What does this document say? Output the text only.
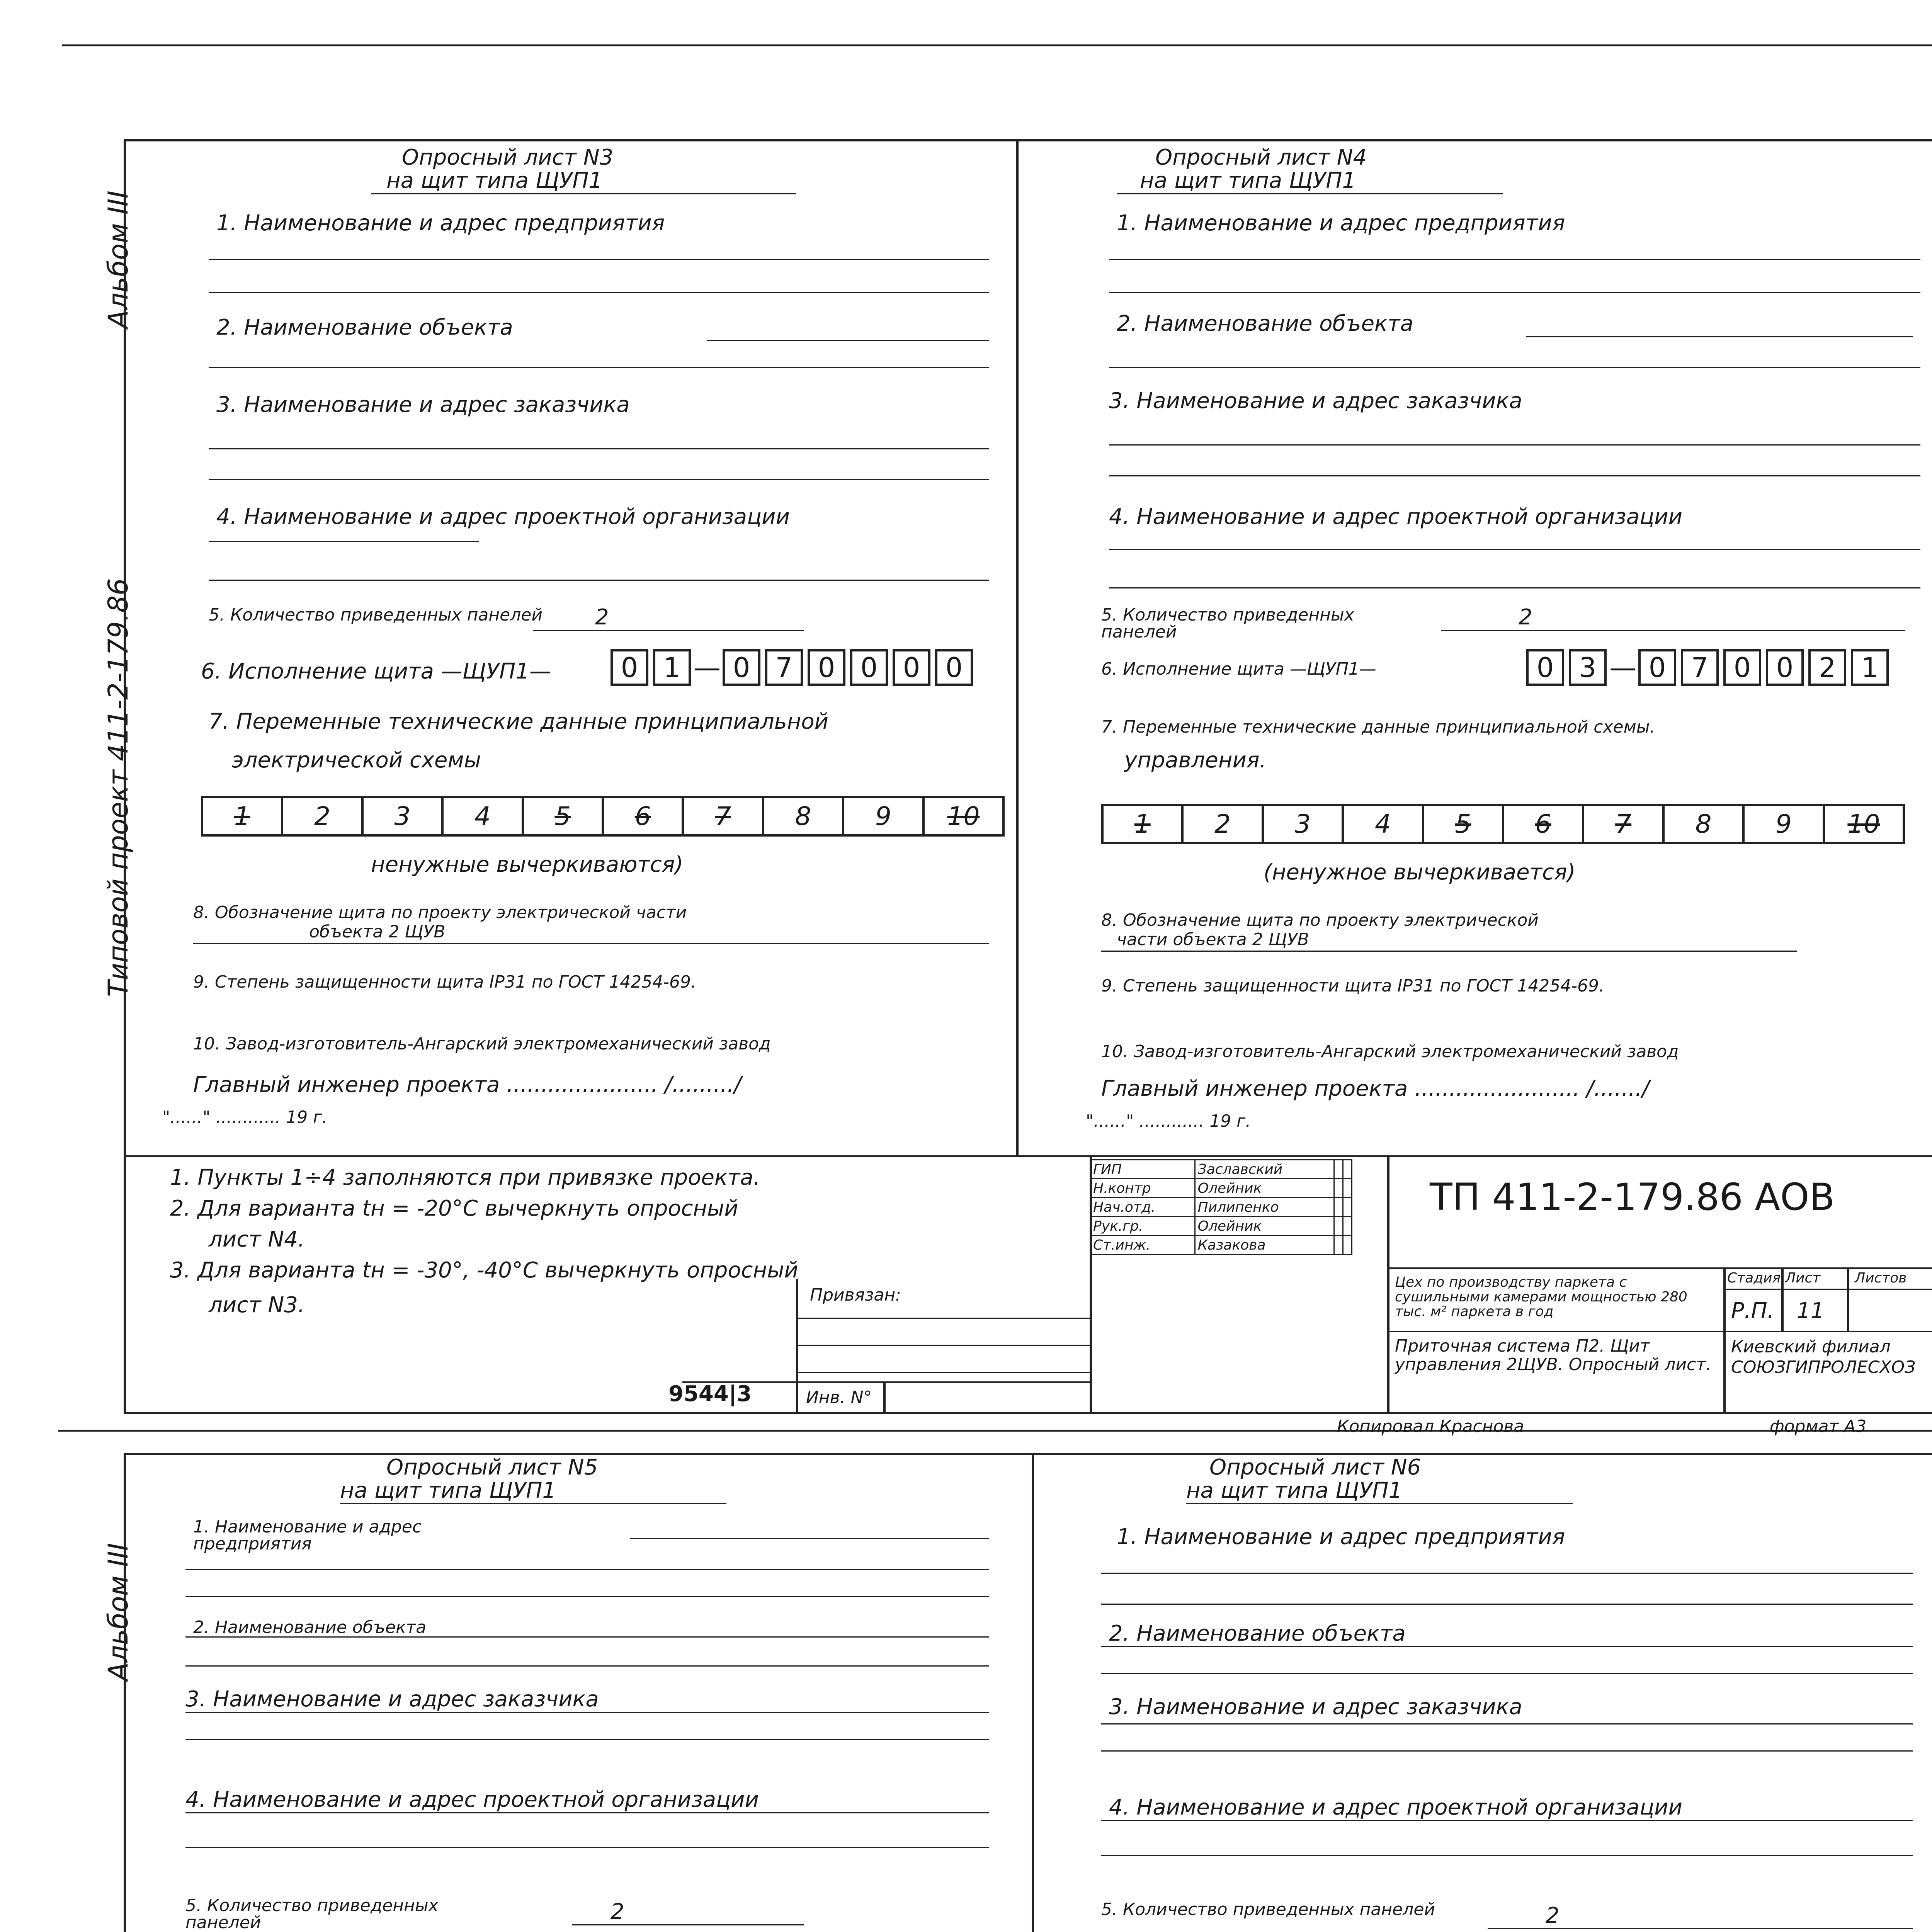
Альбом III
Типовой проект 411-2-179.86
Альбом III
Опросный лист N3
на щит типа ЩУП1
1. Наименование и адрес предприятия
2. Наименование объекта
3. Наименование и адрес заказчика
4. Наименование и адрес проектной организации
5. Количество приведенных панелей 2
6. Исполнение щита —ЩУП1—	0 1 — 0 7 0 0 0 0
7. Переменные технические данные принципиальной
электрической схемы
1	2	3	4	5	6	7	8	9	10
ненужные вычеркиваются)
8. Обозначение щита по проекту электрической части
объекта 2 ЩУВ
9. Степень защищенности щита IP31 по ГОСТ 14254-69.
10. Завод-изготовитель-Ангарский электромеханический завод
Главный инженер проекта ...................... /........./
"......" ............ 19 г.
Опросный лист N4
на щит типа ЩУП1
1. Наименование и адрес предприятия
2. Наименование объекта
3. Наименование и адрес заказчика
4. Наименование и адрес проектной организации
5. Количество приведенных панелей
2
6. Исполнение щита —ЩУП1—	0 3 — 0 7 0 0 2 1
7. Переменные технические данные принципиальной схемы.
управления.
1	2	3	4	5	6	7	8	9	10
(ненужное вычеркивается)
8. Обозначение щита по проекту электрической
части объекта 2 ЩУВ
9. Степень защищенности щита IP31 по ГОСТ 14254-69.
10. Завод-изготовитель-Ангарский электромеханический завод
Главный инженер проекта ........................ /......./
"......" ............ 19 г.
Опросный лист N5
на щит типа ЩУП1
1. Наименование и адрес предприятия
2. Наименование объекта
3. Наименование и адрес заказчика
4. Наименование и адрес проектной организации
5. Количество приведенных панелей	2
Опросный лист N6
на щит типа ЩУП1
1. Наименование и адрес предприятия
2. Наименование объекта
3. Наименование и адрес заказчика
4. Наименование и адрес проектной организации
5. Количество приведенных панелей	2
1. Пункты 1÷4 заполняются при привязке проекта.
2. Для варианта tн = -20°C вычеркнуть опросный
лист N4.
3. Для варианта tн = -30°, -40°C вычеркнуть опросный
лист N3.	Привязан:
Инв. N°
9544|3
ГИП	Заславский		
Н.контр	Олейник		
Нач.отд.	Пилипенко		
Рук.гр.	Олейник		
Ст.инж.	Казакова		
ТП 411-2-179.86 АОВ
Цех по производству паркета с сушильными камерами мощностью 280 тыс. м² паркета в год
Приточная система П2. Щит управления 2ЩУВ. Опросный лист.
Стадия Лист Листов
Р.П. 11
Киевский филиал СОЮЗГИПРОЛЕСХОЗ
Копировал Краснова	формат А3
